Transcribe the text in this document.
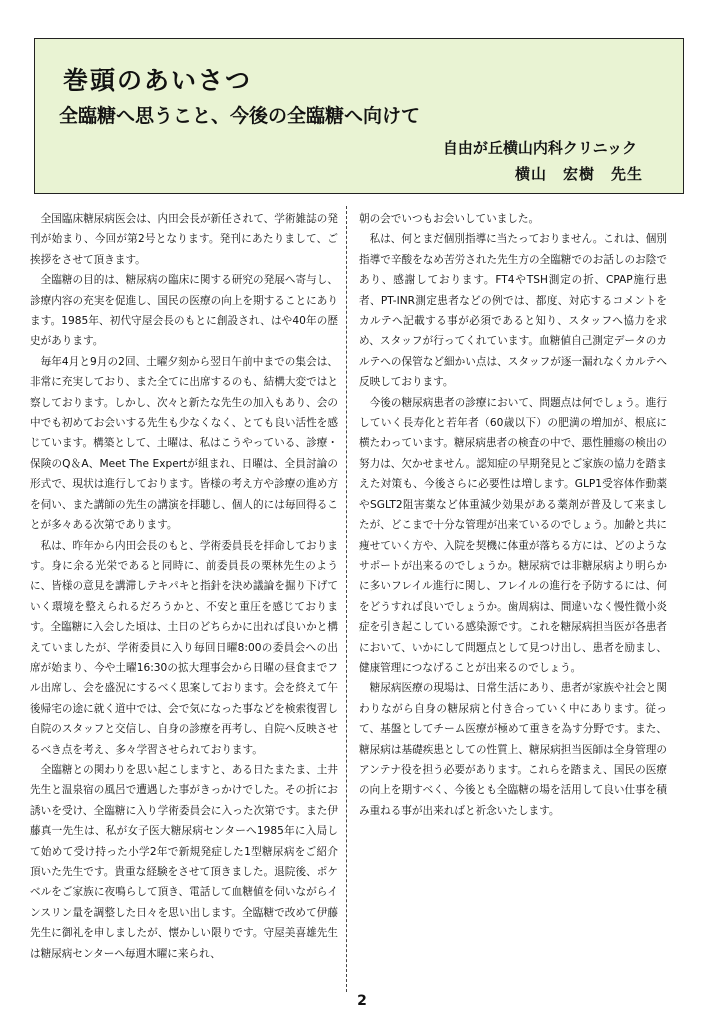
巻頭のあいさつ
全臨糖へ思うこと、今後の全臨糖へ向けて
自由が丘横山内科クリニック
横山　宏樹　先生

全国臨床糖尿病医会は、内田会長が新任されて、学術雑誌の発刊が始まり、今回が第2号となります。発刊にあたりまして、ご挨拶をさせて頂きます。

全臨糖の目的は、糖尿病の臨床に関する研究の発展へ寄与し、診療内容の充実を促進し、国民の医療の向上を期することにあります。1985年、初代守屋会長のもとに創設され、はや40年の歴史があります。

毎年4月と9月の2回、土曜夕刻から翌日午前中までの集会は、非常に充実しており、また全てに出席するのも、結構大変ではと察しております。しかし、次々と新たな先生の加入もあり、会の中でも初めてお会いする先生も少なくなく、とても良い活性を感じています。構築として、土曜は、私はこうやっている、診療・保険のQ＆A、Meet The Expertが組まれ、日曜は、全員討論の形式で、現状は進行しております。皆様の考え方や診療の進め方を伺い、また講師の先生の講演を拝聴し、個人的には毎回得ることが多々ある次第であります。

私は、昨年から内田会長のもと、学術委員長を拝命しております。身に余る光栄であると同時に、前委員長の栗林先生のように、皆様の意見を講滞しテキパキと指針を決め議論を掘り下げていく環境を整えられるだろうかと、不安と重圧を感じております。全臨糖に入会した頃は、土日のどちらかに出れば良いかと構えていましたが、学術委員に入り毎回日曜8:00の委員会への出席が始まり、今や土曜16:30の拡大理事会から日曜の昼食までフル出席し、会を盛況にするべく思案しております。会を終えて午後帰宅の途に就く道中では、会で気になった事などを検索復習し自院のスタッフと交信し、自身の診療を再考し、自院へ反映させるべき点を考え、多々学習させられております。

全臨糖との関わりを思い起こしますと、ある日たまたま、土井先生と温泉宿の風呂で遭遇した事がきっかけでした。その折にお誘いを受け、全臨糖に入り学術委員会に入った次第です。また伊藤真一先生は、私が女子医大糖尿病センターへ1985年に入局して始めて受け持った小学2年で新規発症した1型糖尿病をご紹介頂いた先生です。貴重な経験をさせて頂きました。退院後、ポケベルをご家族に夜鳴らして頂き、電話して血糖値を伺いながらインスリン量を調整した日々を思い出します。全臨糖で改めて伊藤先生に御礼を申しましたが、懐かしい限りです。守屋美喜雄先生は糖尿病センターへ毎週木曜に来られ、

朝の会でいつもお会いしていました。

私は、何とまだ個別指導に当たっておりません。これは、個別指導で辛酸をなめ苦労された先生方の全臨糖でのお話しのお陰であり、感謝しております。FT4やTSH測定の折、CPAP施行患者、PT-INR測定患者などの例では、都度、対応するコメントをカルテへ記載する事が必須であると知り、スタッフへ協力を求め、スタッフが行ってくれています。血糖値自己測定データのカルテへの保管など細かい点は、スタッフが逐一漏れなくカルテへ反映しております。

今後の糖尿病患者の診療において、問題点は何でしょう。進行していく長寿化と若年者（60歳以下）の肥満の増加が、根底に横たわっています。糖尿病患者の検査の中で、悪性腫瘍の検出の努力は、欠かせません。認知症の早期発見とご家族の協力を踏まえた対策も、今後さらに必要性は増します。GLP1受容体作動薬やSGLT2阻害薬など体重減少効果がある薬剤が普及して来ましたが、どこまで十分な管理が出来ているのでしょう。加齢と共に痩せていく方や、入院を契機に体重が落ちる方には、どのようなサポートが出来るのでしょうか。糖尿病では非糖尿病より明らかに多いフレイル進行に関し、フレイルの進行を予防するには、何をどうすれば良いでしょうか。歯周病は、間違いなく慢性微小炎症を引き起こしている感染源です。これを糖尿病担当医が各患者において、いかにして問題点として見つけ出し、患者を励まし、健康管理につなげることが出来るのでしょう。

糖尿病医療の現場は、日常生活にあり、患者が家族や社会と関わりながら自身の糖尿病と付き合っていく中にあります。従って、基盤としてチーム医療が極めて重きを為す分野です。また、糖尿病は基礎疾患としての性質上、糖尿病担当医師は全身管理のアンテナ役を担う必要があります。これらを踏まえ、国民の医療の向上を期すべく、今後とも全臨糖の場を活用して良い仕事を積み重ねる事が出来ればと祈念いたします。

2
